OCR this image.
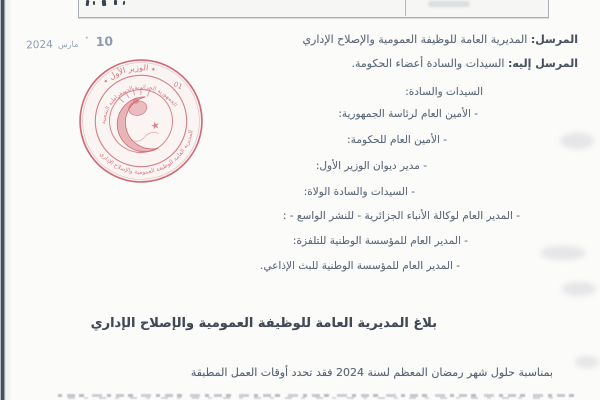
10 ٭ مارس 2024
٭ الوزير الأول ٭
المديرية العامة للوظيفة العمومية والإصلاح الإداري
الجمهورية الجزائرية الديمقراطية الشعبية
01
★
المرسل: المديرية العامة للوظيفة العمومية والإصلاح الإداري
المرسل إليه: السيدات والسادة أعضاء الحكومة.
السيدات والسادة:
- الأمين العام لرئاسة الجمهورية:
- الأمين العام للحكومة:
- مدير ديوان الوزير الأول:
- السيدات والسادة الولاة:
- المدير العام لوكالة الأنباء الجزائرية - للنشر الواسع - :
- المدير العام للمؤسسة الوطنية للتلفزة:
- المدير العام للمؤسسة الوطنية للبث الإذاعي.
بلاغ المديرية العامة للوظيفة العمومية والإصلاح الإداري
بمناسبة حلول شهر رمضان المعظم لسنة 2024 فقد تحدد أوقات العمل المطبقة
